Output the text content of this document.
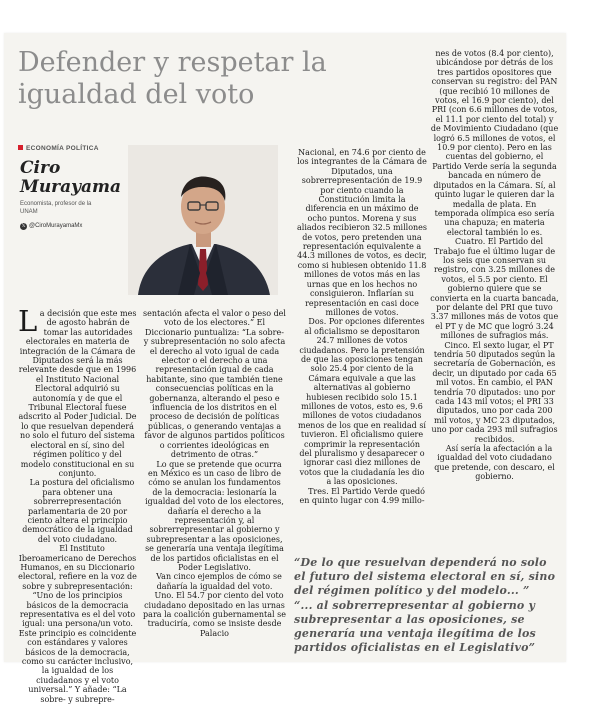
Defender y respetar la igualdad del voto
ECONOMÍA POLÍTICA
Ciro Murayama
Economista, profesor de la UNAM
𝕏 @CiroMurayamaMx

La decisión que este mes de agosto habrán de tomar las autoridades electorales en materia de integración de la Cámara de Diputados será la más relevante desde que en 1996 el Instituto Nacional Electoral adquirió su autonomía y de que el Tribunal Electoral fuese adscrito al Poder Judicial. De lo que resuelvan dependerá no solo el futuro del sistema electoral en sí, sino del régimen político y del modelo constitucional en su conjunto.

La postura del oficialismo para obtener una sobrerrepresentación parlamentaria de 20 por ciento altera el principio democrático de la igualdad del voto ciudadano.

El Instituto Iberoamericano de Derechos Humanos, en su Diccionario electoral, refiere en la voz de sobre y subrepresentación: “Uno de los principios básicos de la democracia representativa es el del voto igual: una persona/un voto. Este principio es coincidente con estándares y valores básicos de la democracia, como su carácter inclusivo, la igualdad de los ciudadanos y el voto universal.” Y añade: “La sobre- y subrepre-

sentación afecta el valor o peso del voto de los electores.” El Diccionario puntualiza: “La sobre- y subrepresentación no solo afecta el derecho al voto igual de cada elector o el derecho a una representación igual de cada habitante, sino que también tiene consecuencias políticas en la gobernanza, alterando el peso e influencia de los distritos en el proceso de decisión de políticas públicas, o generando ventajas a favor de algunos partidos políticos o corrientes ideológicas en detrimento de otras.”

Lo que se pretende que ocurra en México es un caso de libro de cómo se anulan los fundamentos de la democracia: lesionaría la igualdad del voto de los electores, dañaría el derecho a la representación y, al sobrerrepresentar al gobierno y subrepresentar a las oposiciones, se generaría una ventaja ilegítima de los partidos oficialistas en el Poder Legislativo.

Van cinco ejemplos de cómo se dañaría la igualdad del voto.

Uno. El 54.7 por ciento del voto ciudadano depositado en las urnas para la coalición gubernamental se traduciría, como se insiste desde Palacio

Nacional, en 74.6 por ciento de los integrantes de la Cámara de Diputados, una sobrerrepresentación de 19.9 por ciento cuando la Constitución limita la diferencia en un máximo de ocho puntos. Morena y sus aliados recibieron 32.5 millones de votos, pero pretenden una representación equivalente a 44.3 millones de votos, es decir, como si hubiesen obtenido 11.8 millones de votos más en las urnas que en los hechos no consiguieron. Inflarían su representación en casi doce millones de votos.

Dos. Por opciones diferentes al oficialismo se depositaron 24.7 millones de votos ciudadanos. Pero la pretensión de que las oposiciones tengan solo 25.4 por ciento de la Cámara equivale a que las alternativas al gobierno hubiesen recibido solo 15.1 millones de votos, esto es, 9.6 millones de votos ciudadanos menos de los que en realidad sí tuvieron. El oficialismo quiere comprimir la representación del pluralismo y desaparecer o ignorar casi diez millones de votos que la ciudadanía les dio a las oposiciones.

Tres. El Partido Verde quedó en quinto lugar con 4.99 millo-

nes de votos (8.4 por ciento), ubicándose por detrás de los tres partidos opositores que conservan su registro: del PAN (que recibió 10 millones de votos, el 16.9 por ciento), del PRI (con 6.6 millones de votos, el 11.1 por ciento del total) y de Movimiento Ciudadano (que logró 6.5 millones de votos, el 10.9 por ciento). Pero en las cuentas del gobierno, el Partido Verde sería la segunda bancada en número de diputados en la Cámara. Sí, al quinto lugar le quieren dar la medalla de plata. En temporada olímpica eso sería una chapuza; en materia electoral también lo es.

Cuatro. El Partido del Trabajo fue el último lugar de los seis que conservan su registro, con 3.25 millones de votos, el 5.5 por ciento. El gobierno quiere que se convierta en la cuarta bancada, por delante del PRI que tuvo 3.37 millones más de votos que el PT y de MC que logró 3.24 millones de sufragios más.

Cinco. El sexto lugar, el PT tendría 50 diputados según la secretaría de Gobernación, es decir, un diputado por cada 65 mil votos. En cambio, el PAN tendría 70 diputados: uno por cada 143 mil votos; el PRI 33 diputados, uno por cada 200 mil votos, y MC 23 diputados, uno por cada 293 mil sufragios recibidos.

Así sería la afectación a la igualdad del voto ciudadano que pretende, con descaro, el gobierno.

“De lo que resuelvan dependerá no solo el futuro del sistema electoral en sí, sino del régimen político y del modelo... ”

“... al sobrerrepresentar al gobierno y subrepresentar a las oposiciones, se generaría una ventaja ilegítima de los partidos oficialistas en el Legislativo”
